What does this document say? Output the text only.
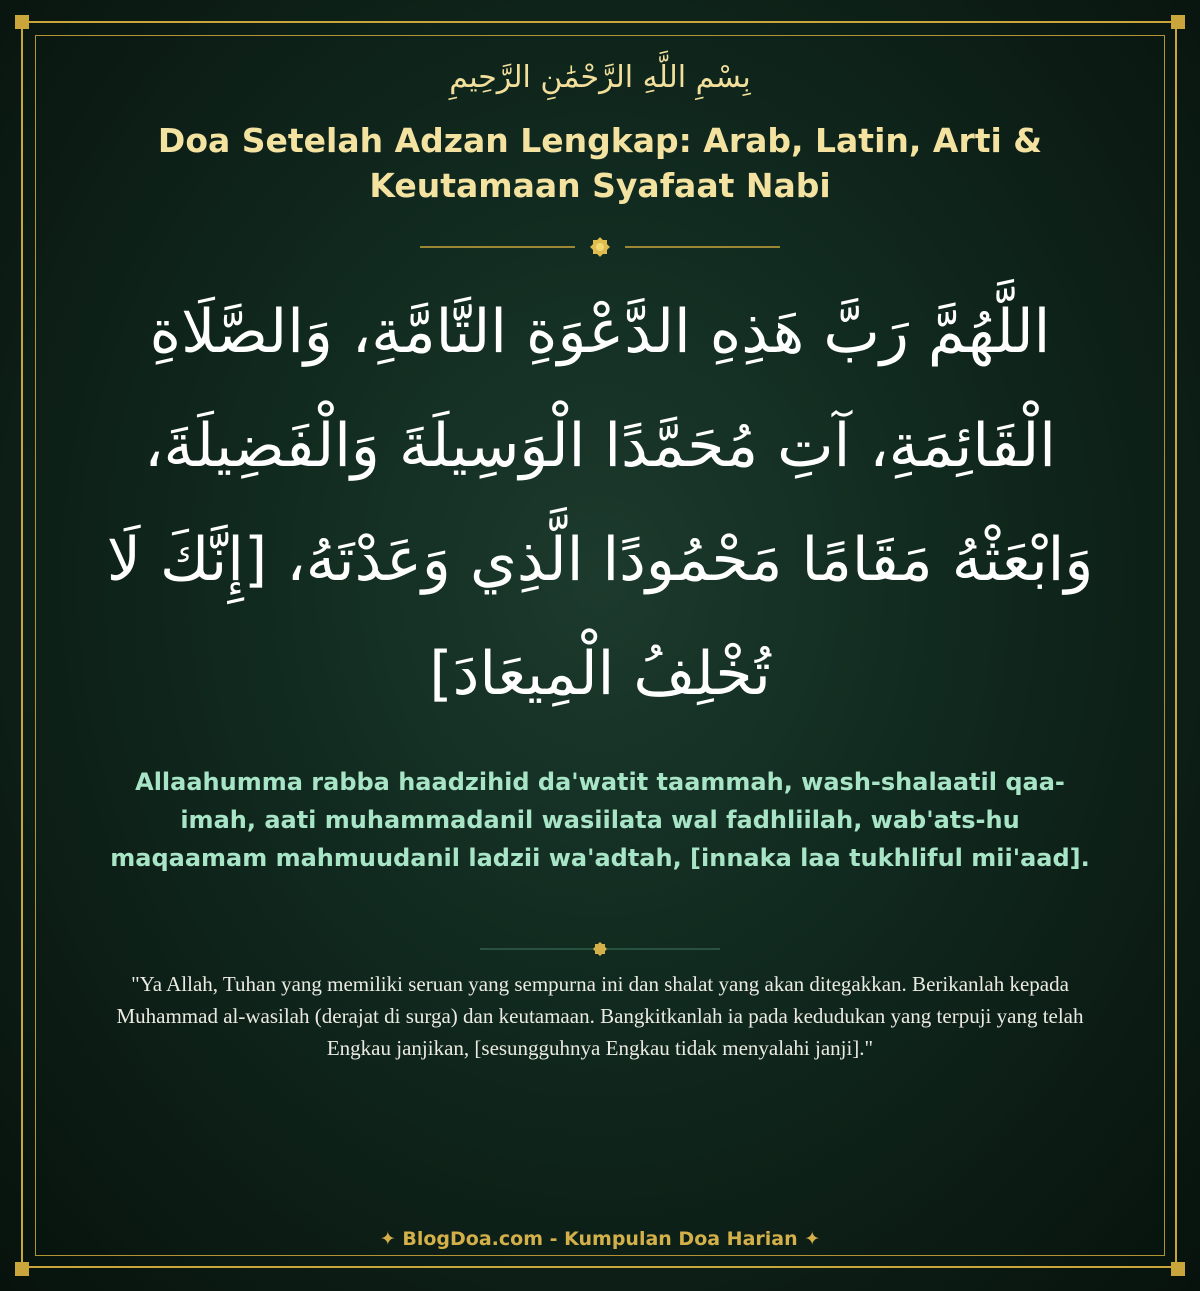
بِسْمِ اللَّهِ الرَّحْمَٰنِ الرَّحِيمِ
Doa Setelah Adzan Lengkap: Arab, Latin, Arti & Keutamaan Syafaat Nabi
اللَّهُمَّ رَبَّ هَذِهِ الدَّعْوَةِ التَّامَّةِ، وَالصَّلَاةِ الْقَائِمَةِ، آتِ مُحَمَّدًا الْوَسِيلَةَ وَالْفَضِيلَةَ، وَابْعَثْهُ مَقَامًا مَحْمُودًا الَّذِي وَعَدْتَهُ، [إِنَّكَ لَا تُخْلِفُ الْمِيعَادَ]
Allaahumma rabba haadzihid da'watit taammah, wash-shalaatil qaa-imah, aati muhammadanil wasiilata wal fadhliilah, wab'ats-hu maqaamam mahmuudanil ladzii wa'adtah, [innaka laa tukhliful mii'aad].
"Ya Allah, Tuhan yang memiliki seruan yang sempurna ini dan shalat yang akan ditegakkan. Berikanlah kepada Muhammad al-wasilah (derajat di surga) dan keutamaan. Bangkitkanlah ia pada kedudukan yang terpuji yang telah Engkau janjikan, [sesungguhnya Engkau tidak menyalahi janji]."
✦ BlogDoa.com - Kumpulan Doa Harian ✦
